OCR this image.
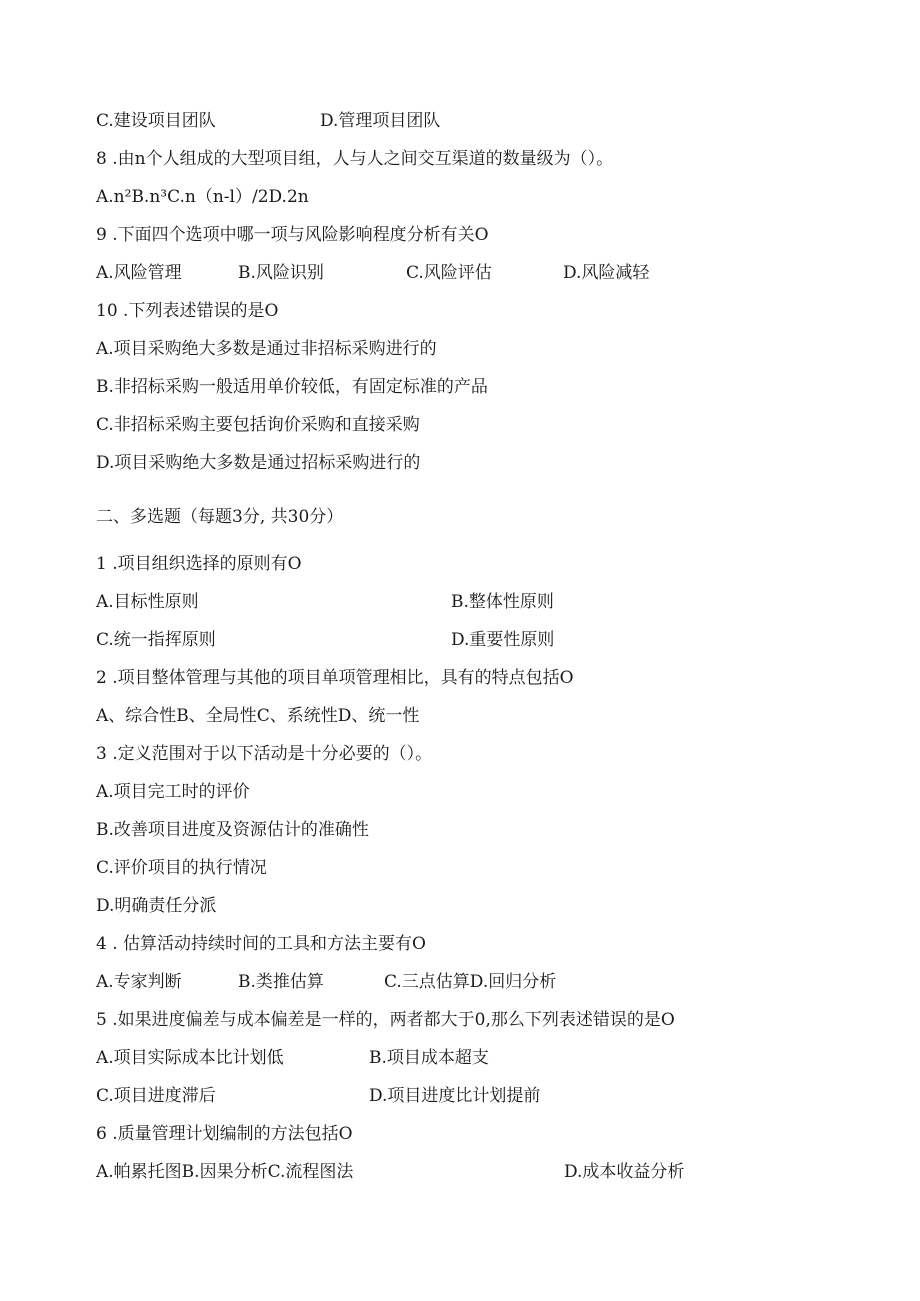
C.建设项目团队	D.管理项目团队
8 .由n个人组成的大型项目组，人与人之间交互渠道的数量级为（）。
A.n²B.n³C.n（n-l）/2D.2n
9 .下面四个选项中哪一项与风险影响程度分析有关O
A.风险管理	B.风险识别	C.风险评估	D.风险减轻
10 .下列表述错误的是O
A.项目采购绝大多数是通过非招标采购进行的
B.非招标采购一般适用单价较低，有固定标准的产品
C.非招标采购主要包括询价采购和直接采购
D.项目采购绝大多数是通过招标采购进行的
二、多选题（每题3分, 共30分）
1 .项目组织选择的原则有O
A.目标性原则	B.整体性原则
C.统一指挥原则	D.重要性原则
2 .项目整体管理与其他的项目单项管理相比，具有的特点包括O
A、综合性B、全局性C、系统性D、统一性
3 .定义范围对于以下活动是十分必要的（）。
A.项目完工时的评价
B.改善项目进度及资源估计的准确性
C.评价项目的执行情况
D.明确责任分派
4 . 估算活动持续时间的工具和方法主要有O
A.专家判断	B.类推估算	C.三点估算D.回归分析
5 .如果进度偏差与成本偏差是一样的，两者都大于0,那么下列表述错误的是O
A.项目实际成本比计划低	B.项目成本超支
C.项目进度滞后	D.项目进度比计划提前
6 .质量管理计划编制的方法包括O
A.帕累托图B.因果分析C.流程图法	D.成本收益分析
